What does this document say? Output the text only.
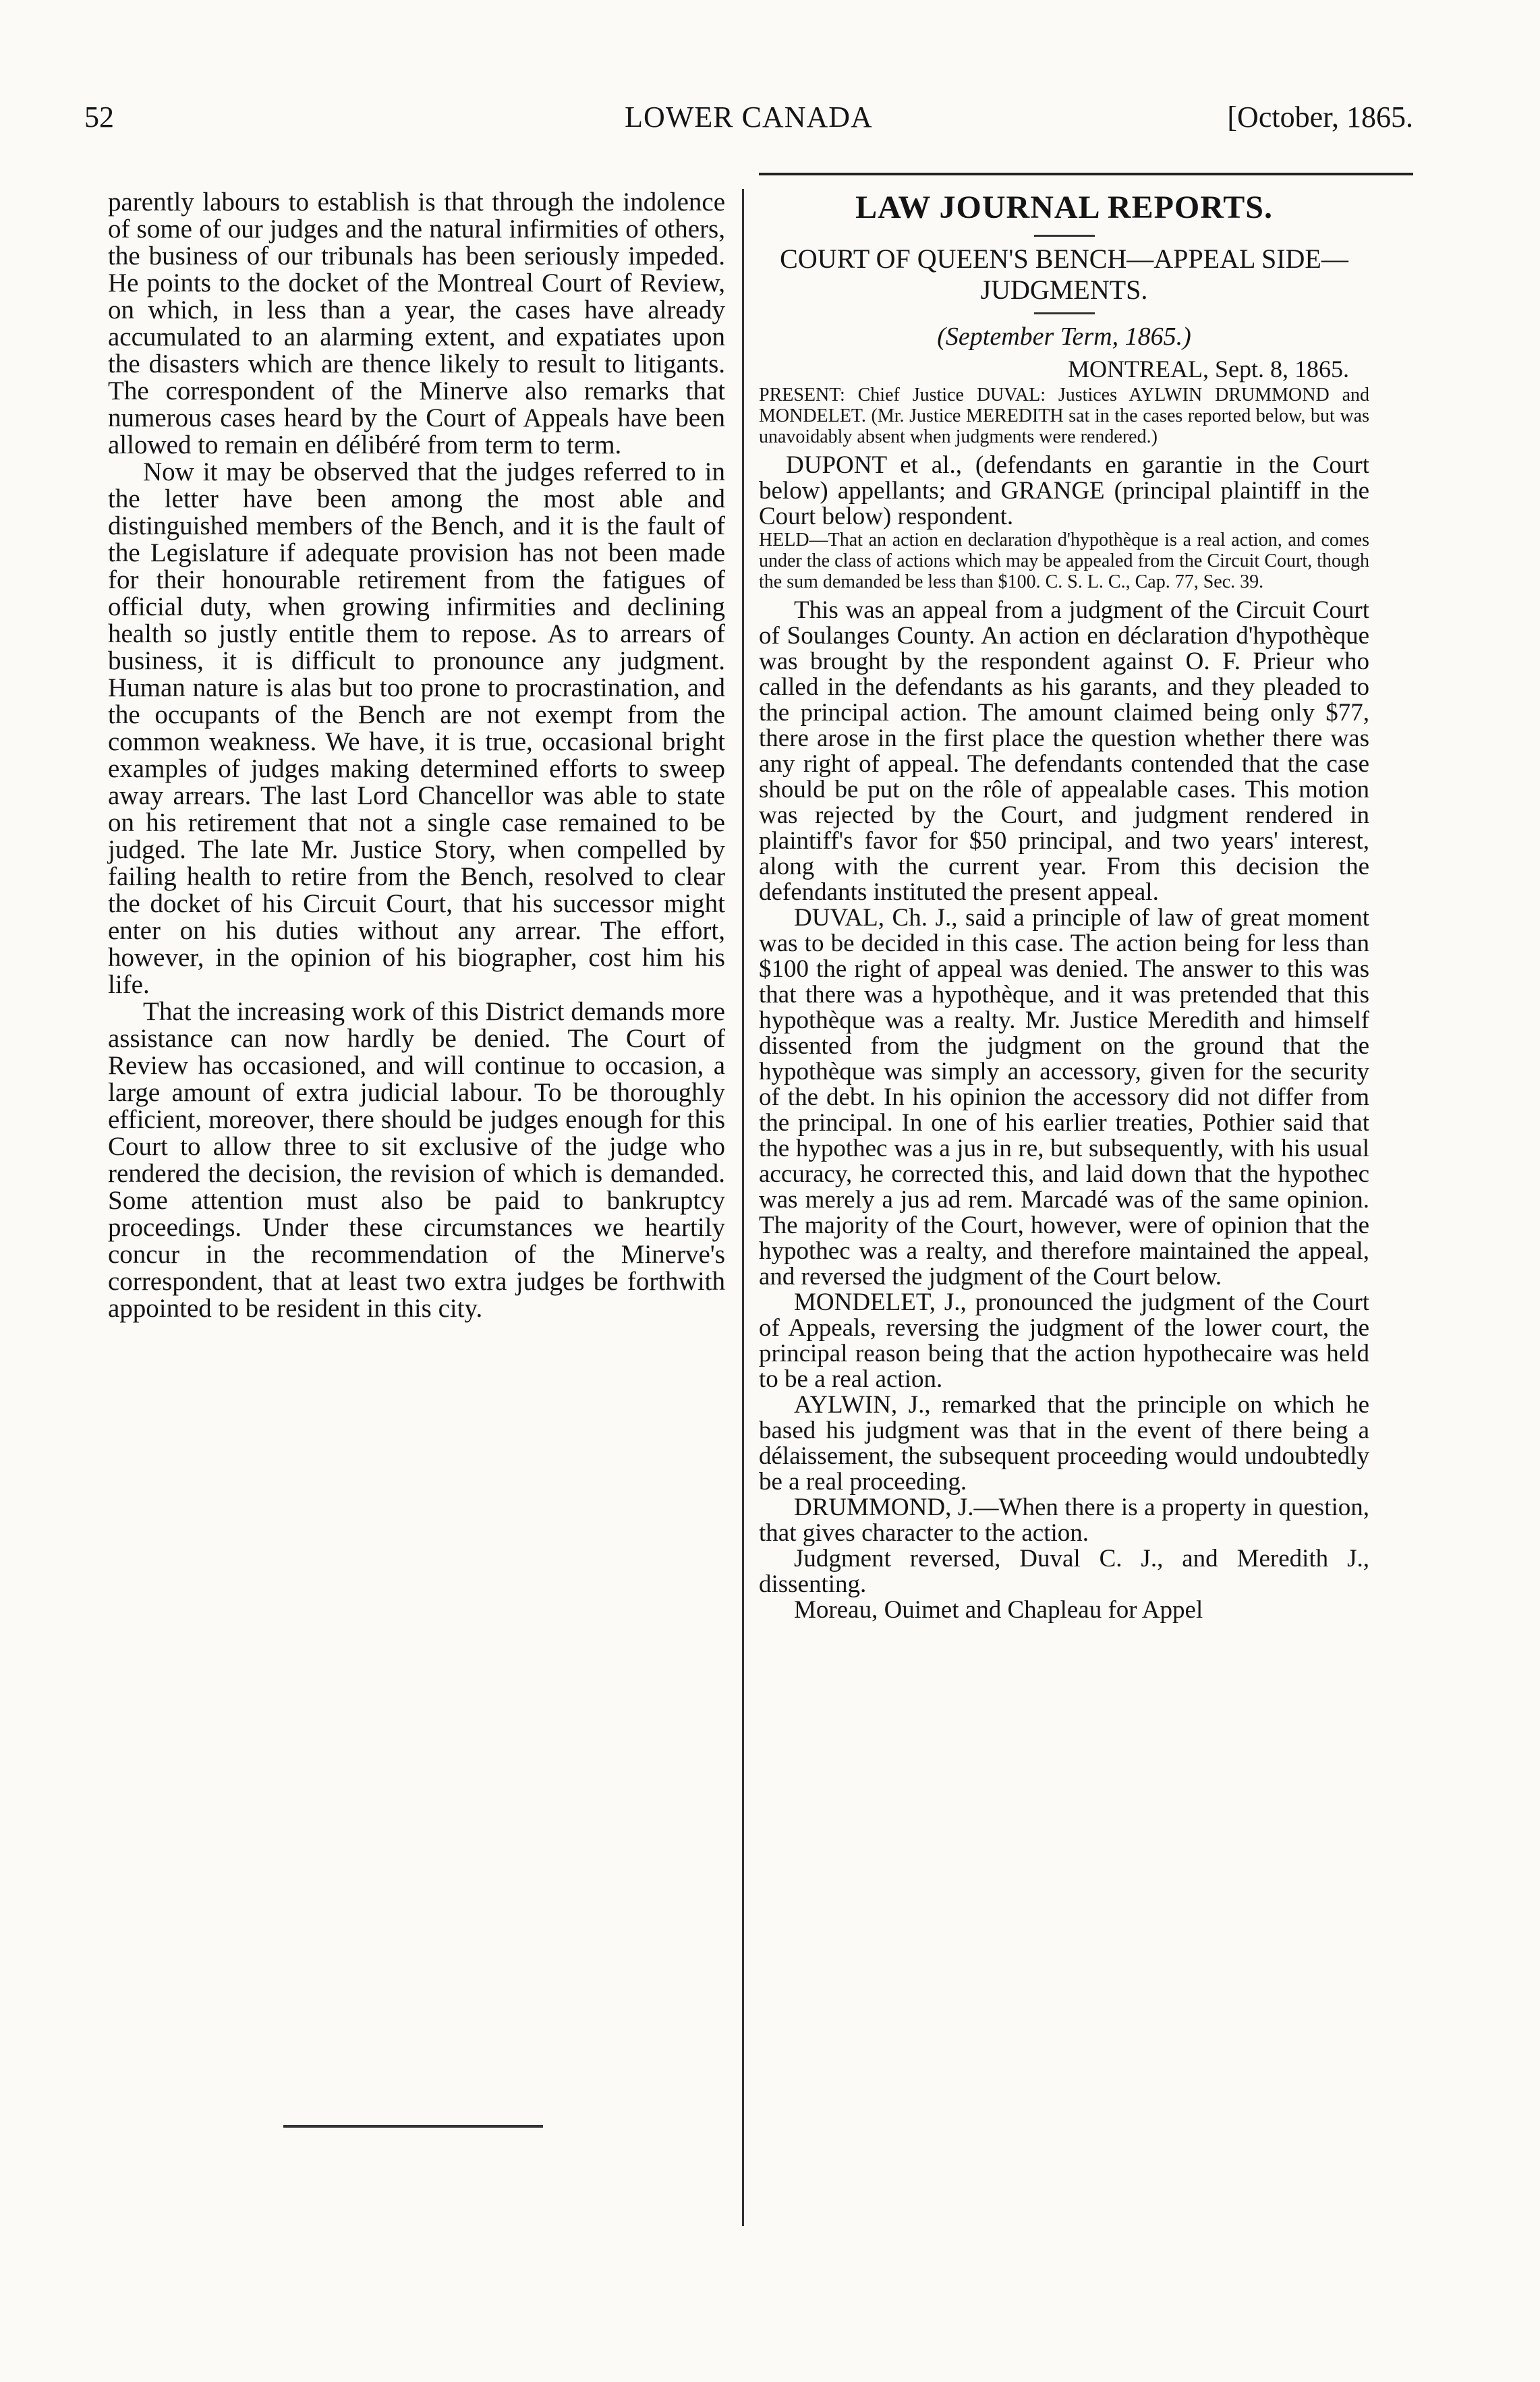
52	LOWER CANADA	[October, 1865.

parently labours to establish is that through the indolence of some of our judges and the natural infirmities of others, the business of our tribunals has been seriously impeded. He points to the docket of the Montreal Court of Review, on which, in less than a year, the cases have already accumulated to an alarming extent, and expatiates upon the disasters which are thence likely to result to litigants. The correspondent of the Minerve also remarks that numerous cases heard by the Court of Appeals have been allowed to remain en délibéré from term to term.

Now it may be observed that the judges referred to in the letter have been among the most able and distinguished members of the Bench, and it is the fault of the Legislature if adequate provision has not been made for their honourable retirement from the fatigues of official duty, when growing infirmities and declining health so justly entitle them to repose. As to arrears of business, it is difficult to pronounce any judgment. Human nature is alas but too prone to procrastination, and the occupants of the Bench are not exempt from the common weakness. We have, it is true, occasional bright examples of judges making determined efforts to sweep away arrears. The last Lord Chancellor was able to state on his retirement that not a single case remained to be judged. The late Mr. Justice Story, when compelled by failing health to retire from the Bench, resolved to clear the docket of his Circuit Court, that his successor might enter on his duties without any arrear. The effort, however, in the opinion of his biographer, cost him his life.

That the increasing work of this District demands more assistance can now hardly be denied. The Court of Review has occasioned, and will continue to occasion, a large amount of extra judicial labour. To be thoroughly efficient, moreover, there should be judges enough for this Court to allow three to sit exclusive of the judge who rendered the decision, the revision of which is demanded. Some attention must also be paid to bankruptcy proceedings. Under these circumstances we heartily concur in the recommendation of the Minerve's correspondent, that at least two extra judges be forthwith appointed to be resident in this city.

LAW JOURNAL REPORTS.
COURT OF QUEEN'S BENCH—APPEAL SIDE—JUDGMENTS.
(September Term, 1865.)
MONTREAL, Sept. 8, 1865.
PRESENT: Chief Justice DUVAL: Justices AYLWIN DRUMMOND and MONDELET. (Mr. Justice MEREDITH sat in the cases reported below, but was unavoidably absent when judgments were rendered.)

DUPONT et al., (defendants en garantie in the Court below) appellants; and GRANGE (principal plaintiff in the Court below) respondent.

HELD—That an action en declaration d'hypothèque is a real action, and comes under the class of actions which may be appealed from the Circuit Court, though the sum demanded be less than $100. C. S. L. C., Cap. 77, Sec. 39.

This was an appeal from a judgment of the Circuit Court of Soulanges County. An action en déclaration d'hypothèque was brought by the respondent against O. F. Prieur who called in the defendants as his garants, and they pleaded to the principal action. The amount claimed being only $77, there arose in the first place the question whether there was any right of appeal. The defendants contended that the case should be put on the rôle of appealable cases. This motion was rejected by the Court, and judgment rendered in plaintiff's favor for $50 principal, and two years' interest, along with the current year. From this decision the defendants instituted the present appeal.

DUVAL, Ch. J., said a principle of law of great moment was to be decided in this case. The action being for less than $100 the right of appeal was denied. The answer to this was that there was a hypothèque, and it was pretended that this hypothèque was a realty. Mr. Justice Meredith and himself dissented from the judgment on the ground that the hypothèque was simply an accessory, given for the security of the debt. In his opinion the accessory did not differ from the principal. In one of his earlier treaties, Pothier said that the hypothec was a jus in re, but subsequently, with his usual accuracy, he corrected this, and laid down that the hypothec was merely a jus ad rem. Marcadé was of the same opinion. The majority of the Court, however, were of opinion that the hypothec was a realty, and therefore maintained the appeal, and reversed the judgment of the Court below.

MONDELET, J., pronounced the judgment of the Court of Appeals, reversing the judgment of the lower court, the principal reason being that the action hypothecaire was held to be a real action.

AYLWIN, J., remarked that the principle on which he based his judgment was that in the event of there being a délaissement, the subsequent proceeding would undoubtedly be a real proceeding.

DRUMMOND, J.—When there is a property in question, that gives character to the action.

Judgment reversed, Duval C. J., and Meredith J., dissenting.

Moreau, Ouimet and Chapleau for Appel
